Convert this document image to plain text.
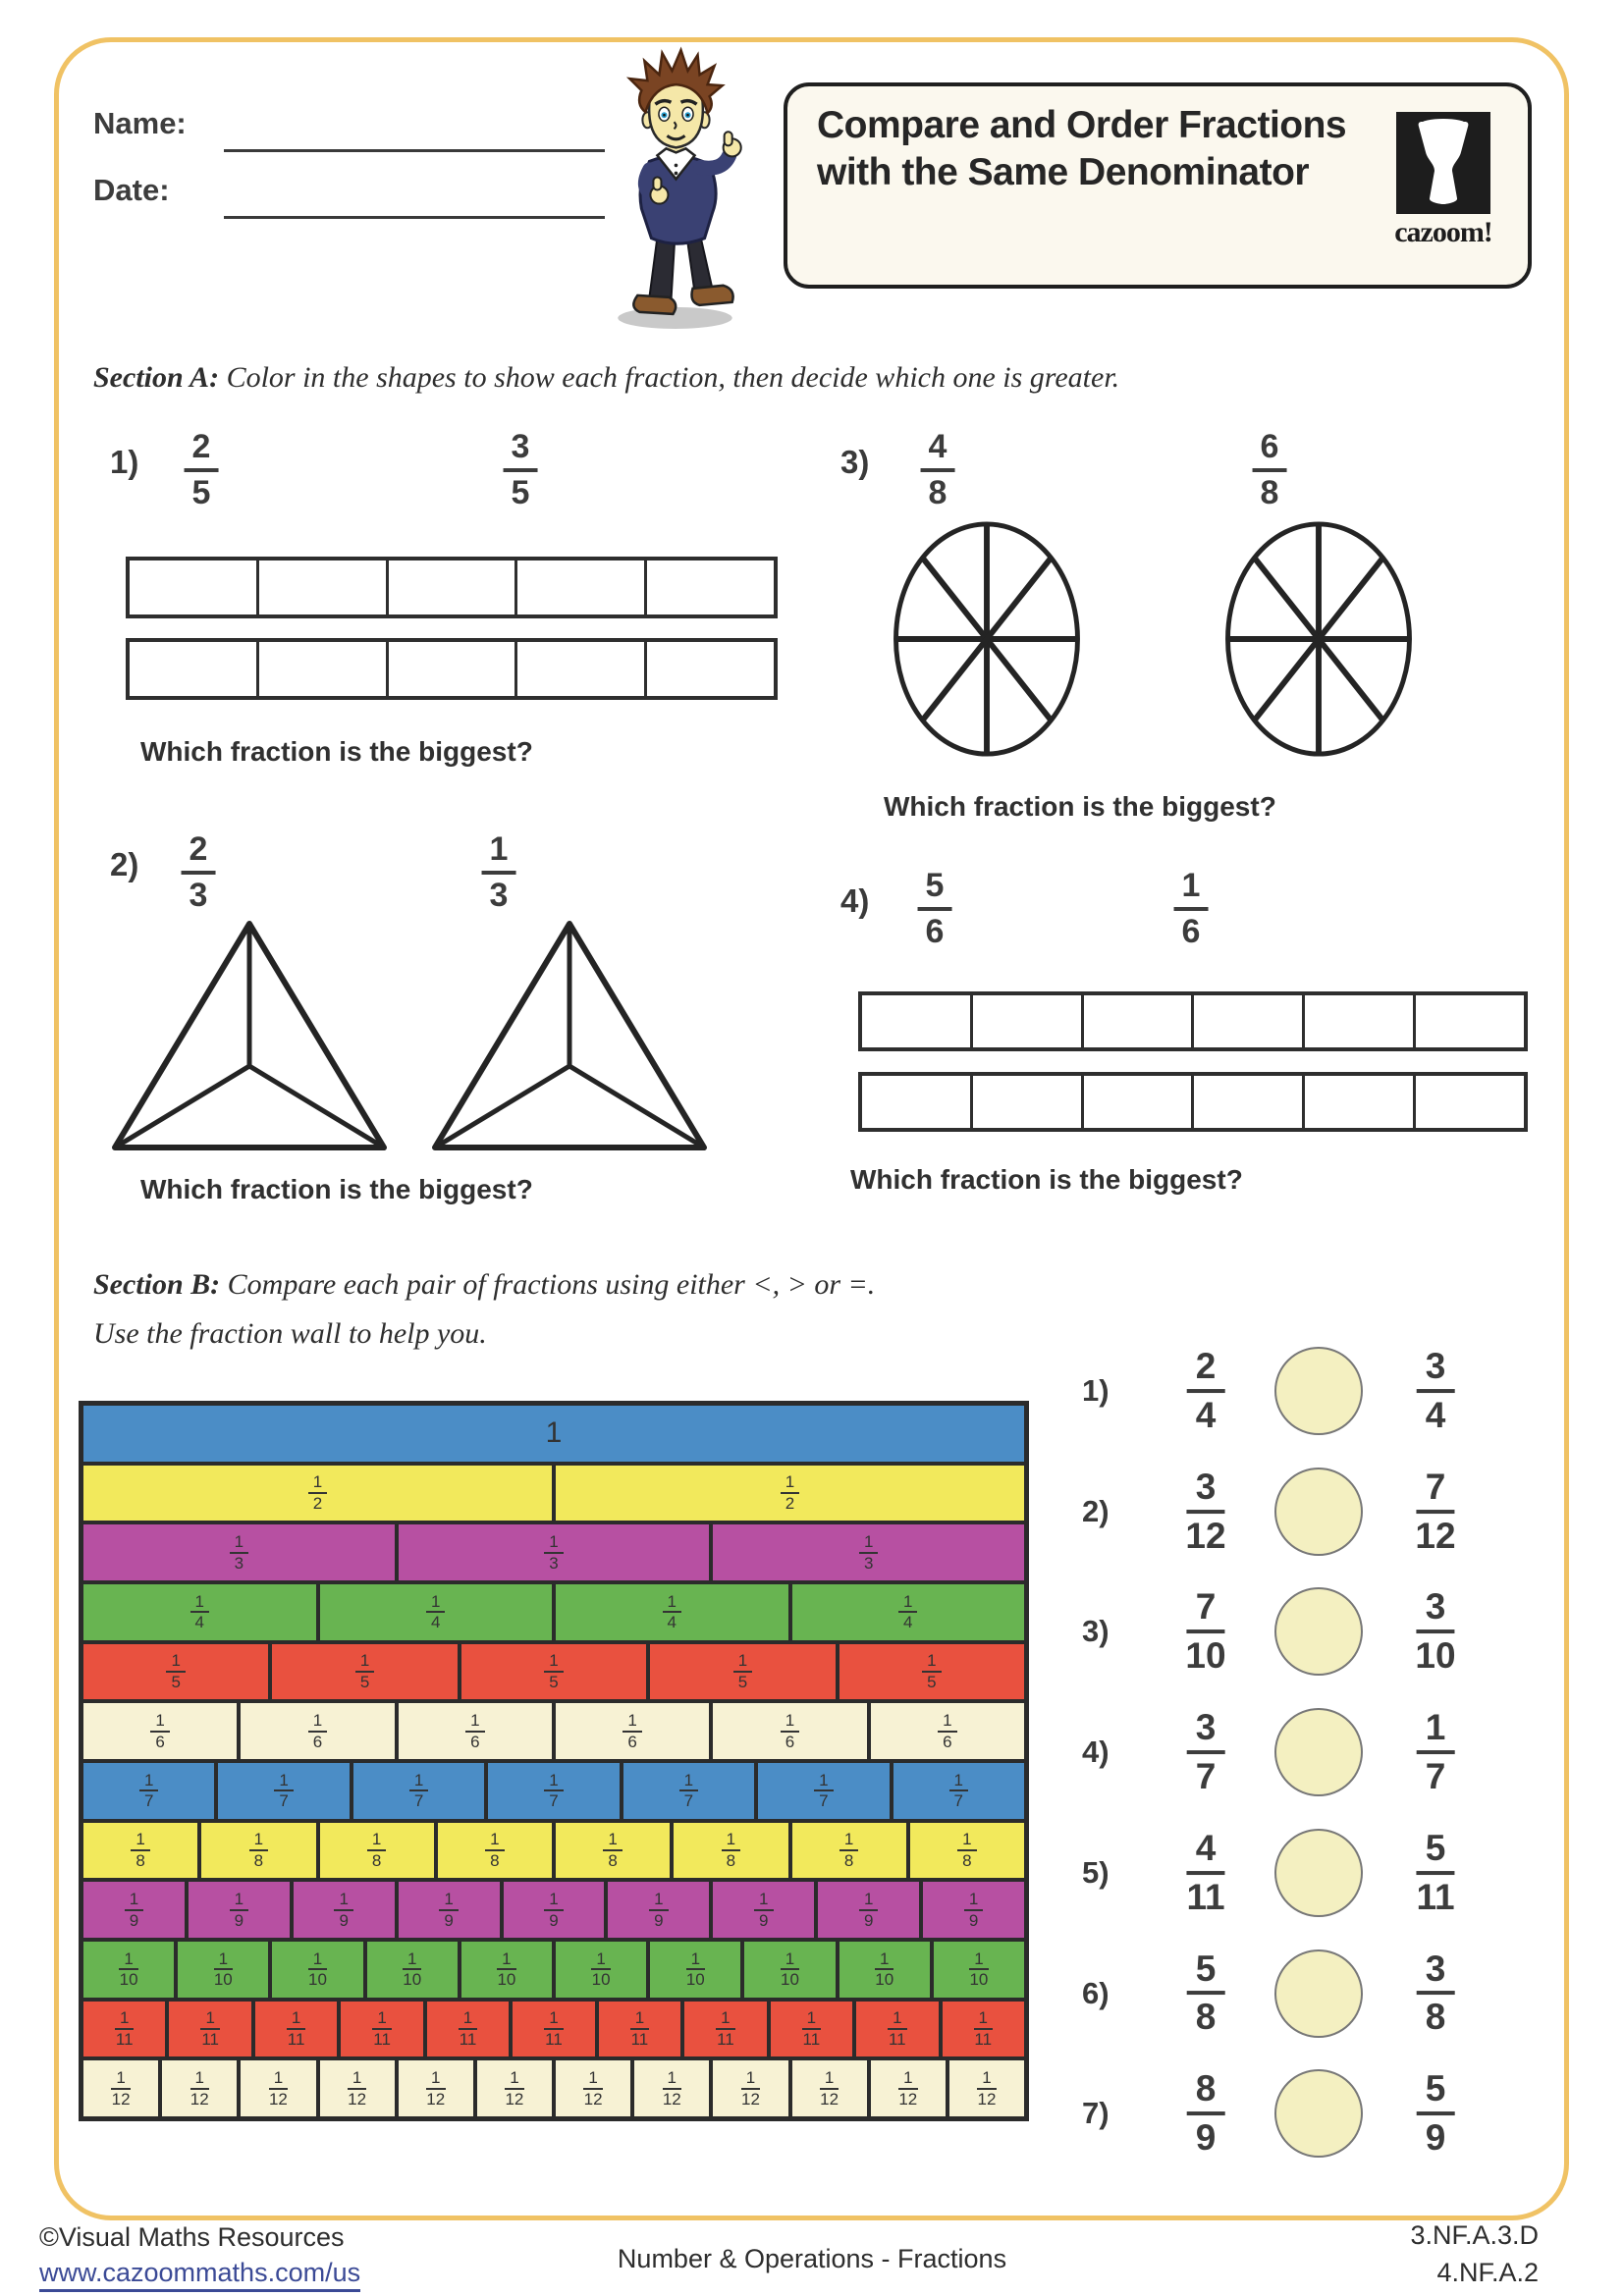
Name:
Date:
Compare and Order Fractions with the Same Denominator
cazoom!
Section A: Color in the shapes to show each fraction, then decide which one is greater.
$1) \frac{2}{5}$	$\frac{3}{5}$
Which fraction is the biggest?
$3) \frac{4}{8}$	$\frac{6}{8}$
Which fraction is the biggest?
$2) \frac{2}{3}$	$\frac{1}{3}$
Which fraction is the biggest?
$4) \frac{5}{6}$	$\frac{1}{6}$
Which fraction is the biggest?
Section B: Compare each pair of fractions using either <, > or =.
Use the fraction wall to help you.
1
$\frac{1}{2}$	$\frac{1}{2}$
$\frac{1}{3}$	$\frac{1}{3}$	$\frac{1}{3}$
$\frac{1}{4}$	$\frac{1}{4}$	$\frac{1}{4}$	$\frac{1}{4}$
$\frac{1}{5}$	$\frac{1}{5}$	$\frac{1}{5}$	$\frac{1}{5}$	$\frac{1}{5}$
$\frac{1}{6}$	$\frac{1}{6}$	$\frac{1}{6}$	$\frac{1}{6}$	$\frac{1}{6}$	$\frac{1}{6}$
$\frac{1}{7}$	$\frac{1}{7}$	$\frac{1}{7}$	$\frac{1}{7}$	$\frac{1}{7}$	$\frac{1}{7}$	$\frac{1}{7}$
$\frac{1}{8}$	$\frac{1}{8}$	$\frac{1}{8}$	$\frac{1}{8}$	$\frac{1}{8}$	$\frac{1}{8}$	$\frac{1}{8}$	$\frac{1}{8}$
$\frac{1}{9}$	$\frac{1}{9}$	$\frac{1}{9}$	$\frac{1}{9}$	$\frac{1}{9}$	$\frac{1}{9}$	$\frac{1}{9}$	$\frac{1}{9}$	$\frac{1}{9}$
$\frac{1}{10}$	$\frac{1}{10}$	$\frac{1}{10}$	$\frac{1}{10}$	$\frac{1}{10}$	$\frac{1}{10}$	$\frac{1}{10}$	$\frac{1}{10}$	$\frac{1}{10}$	$\frac{1}{10}$
$\frac{1}{11}$	$\frac{1}{11}$	$\frac{1}{11}$	$\frac{1}{11}$	$\frac{1}{11}$	$\frac{1}{11}$	$\frac{1}{11}$	$\frac{1}{11}$	$\frac{1}{11}$	$\frac{1}{11}$	$\frac{1}{11}$
$\frac{1}{12}$	$\frac{1}{12}$	$\frac{1}{12}$	$\frac{1}{12}$	$\frac{1}{12}$	$\frac{1}{12}$	$\frac{1}{12}$	$\frac{1}{12}$	$\frac{1}{12}$	$\frac{1}{12}$	$\frac{1}{12}$	$\frac{1}{12}$
$1) \frac{2}{4}$	$\frac{3}{4}$
$2) \frac{3}{12}$	$\frac{7}{12}$
$3) \frac{7}{10}$	$\frac{3}{10}$
$4) \frac{3}{7}$	$\frac{1}{7}$
$5) \frac{4}{11}$	$\frac{5}{11}$
$6) \frac{5}{8}$	$\frac{3}{8}$
$7) \frac{8}{9}$	$\frac{5}{9}$
©Visual Maths Resources
www.cazoommaths.com/us	Number & Operations - Fractions
3.NF.A.3.D
4.NF.A.2
